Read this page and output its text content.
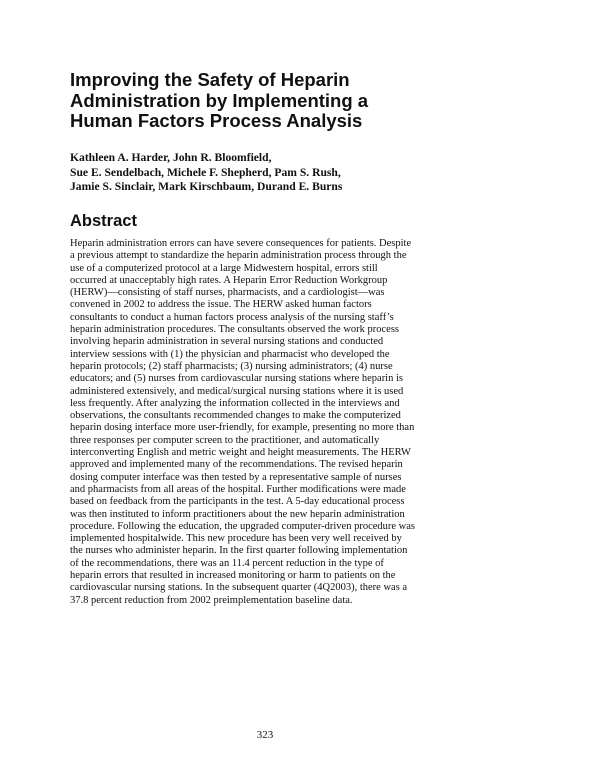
Improving the Safety of Heparin
Administration by Implementing a
Human Factors Process Analysis
Kathleen A. Harder, John R. Bloomfield,
Sue E. Sendelbach, Michele F. Shepherd, Pam S. Rush,
Jamie S. Sinclair, Mark Kirschbaum, Durand E. Burns
Abstract
Heparin administration errors can have severe consequences for patients. Despite
a previous attempt to standardize the heparin administration process through the
use of a computerized protocol at a large Midwestern hospital, errors still
occurred at unacceptably high rates. A Heparin Error Reduction Workgroup
(HERW)—consisting of staff nurses, pharmacists, and a cardiologist—was
convened in 2002 to address the issue. The HERW asked human factors
consultants to conduct a human factors process analysis of the nursing staff’s
heparin administration procedures. The consultants observed the work process
involving heparin administration in several nursing stations and conducted
interview sessions with (1) the physician and pharmacist who developed the
heparin protocols; (2) staff pharmacists; (3) nursing administrators; (4) nurse
educators; and (5) nurses from cardiovascular nursing stations where heparin is
administered extensively, and medical/surgical nursing stations where it is used
less frequently. After analyzing the information collected in the interviews and
observations, the consultants recommended changes to make the computerized
heparin dosing interface more user-friendly, for example, presenting no more than
three responses per computer screen to the practitioner, and automatically
interconverting English and metric weight and height measurements. The HERW
approved and implemented many of the recommendations. The revised heparin
dosing computer interface was then tested by a representative sample of nurses
and pharmacists from all areas of the hospital. Further modifications were made
based on feedback from the participants in the test. A 5-day educational process
was then instituted to inform practitioners about the new heparin administration
procedure. Following the education, the upgraded computer-driven procedure was
implemented hospitalwide. This new procedure has been very well received by
the nurses who administer heparin. In the first quarter following implementation
of the recommendations, there was an 11.4 percent reduction in the type of
heparin errors that resulted in increased monitoring or harm to patients on the
cardiovascular nursing stations. In the subsequent quarter (4Q2003), there was a
37.8 percent reduction from 2002 preimplementation baseline data.
323
